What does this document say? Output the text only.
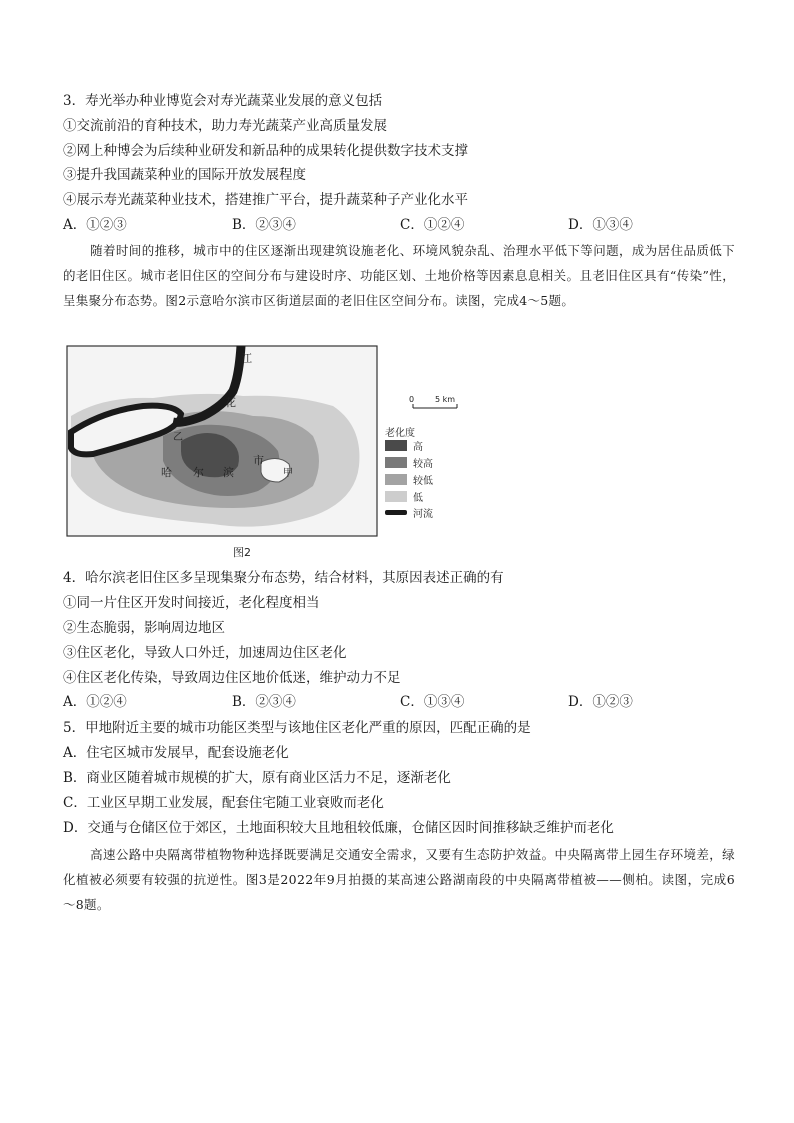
3．寿光举办种业博览会对寿光蔬菜业发展的意义包括
①交流前沿的育种技术，助力寿光蔬菜产业高质量发展
②网上种博会为后续种业研发和新品种的成果转化提供数字技术支撑
③提升我国蔬菜种业的国际开放发展程度
④展示寿光蔬菜种业技术，搭建推广平台，提升蔬菜种子产业化水平
A．①②③	B．②③④	C．①②④	D．①③④
随着时间的推移，城市中的住区逐渐出现建筑设施老化、环境风貌杂乱、治理水平低下等问题，成为居住品质低下的老旧住区。城市老旧住区的空间分布与建设时序、功能区划、土地价格等因素息息相关。且老旧住区具有“传染”性，呈集聚分布态势。图2示意哈尔滨市区街道层面的老旧住区空间分布。读图，完成4～5题。
江
花
哈 尔 滨
市
甲
乙
0	5 km
老化度
高
较高
较低
低
河流
图2
4．哈尔滨老旧住区多呈现集聚分布态势，结合材料，其原因表述正确的有
①同一片住区开发时间接近，老化程度相当
②生态脆弱，影响周边地区
③住区老化，导致人口外迁，加速周边住区老化
④住区老化传染，导致周边住区地价低迷，维护动力不足
A．①②④	B．②③④	C．①③④	D．①②③
5．甲地附近主要的城市功能区类型与该地住区老化严重的原因，匹配正确的是
A．住宅区城市发展早，配套设施老化
B．商业区随着城市规模的扩大，原有商业区活力不足，逐渐老化
C．工业区早期工业发展，配套住宅随工业衰败而老化
D．交通与仓储区位于郊区，土地面积较大且地租较低廉，仓储区因时间推移缺乏维护而老化
高速公路中央隔离带植物物种选择既要满足交通安全需求，又要有生态防护效益。中央隔离带上园生存环境差，绿化植被必须要有较强的抗逆性。图3是2022年9月拍摄的某高速公路湖南段的中央隔离带植被——侧柏。读图，完成6～8题。
